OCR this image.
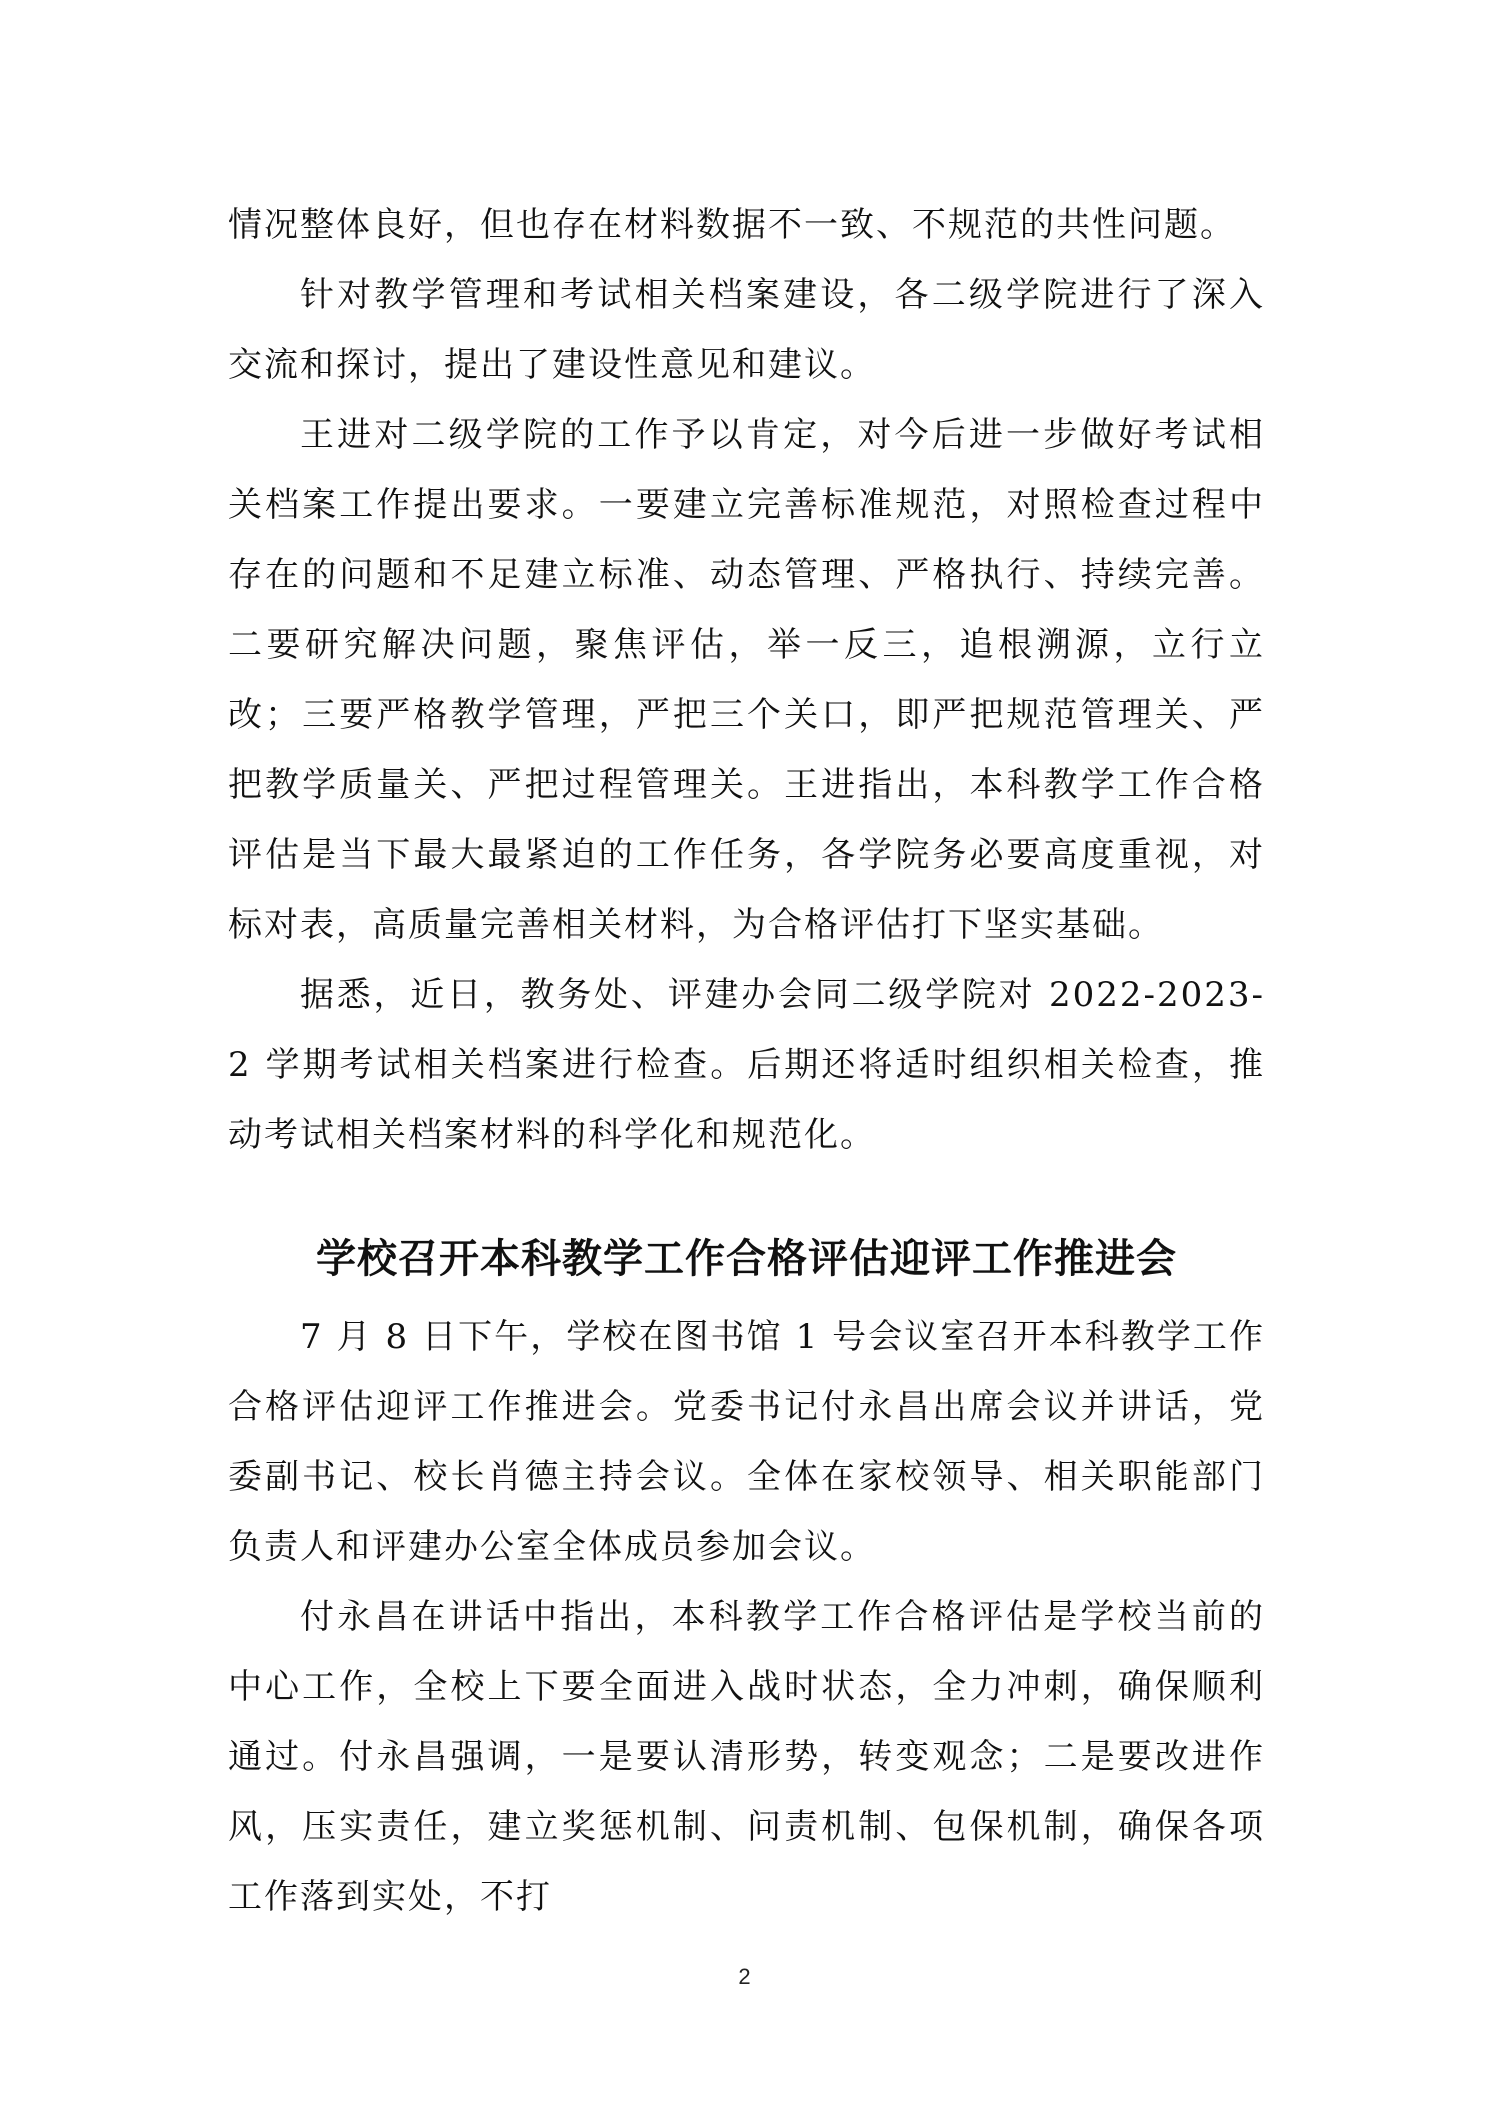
情况整体良好，但也存在材料数据不一致、不规范的共性问题。

针对教学管理和考试相关档案建设，各二级学院进行了深入交流和探讨，提出了建设性意见和建议。

王进对二级学院的工作予以肯定，对今后进一步做好考试相关档案工作提出要求。一要建立完善标准规范，对照检查过程中存在的问题和不足建立标准、动态管理、严格执行、持续完善。二要研究解决问题，聚焦评估，举一反三，追根溯源，立行立改；三要严格教学管理，严把三个关口，即严把规范管理关、严把教学质量关、严把过程管理关。王进指出，本科教学工作合格评估是当下最大最紧迫的工作任务，各学院务必要高度重视，对标对表，高质量完善相关材料，为合格评估打下坚实基础。

据悉，近日，教务处、评建办会同二级学院对 2022-2023-2 学期考试相关档案进行检查。后期还将适时组织相关检查，推动考试相关档案材料的科学化和规范化。

学校召开本科教学工作合格评估迎评工作推进会

7 月 8 日下午，学校在图书馆 1 号会议室召开本科教学工作合格评估迎评工作推进会。党委书记付永昌出席会议并讲话，党委副书记、校长肖德主持会议。全体在家校领导、相关职能部门负责人和评建办公室全体成员参加会议。

付永昌在讲话中指出，本科教学工作合格评估是学校当前的中心工作，全校上下要全面进入战时状态，全力冲刺，确保顺利通过。付永昌强调，一是要认清形势，转变观念；二是要改进作风，压实责任，建立奖惩机制、问责机制、包保机制，确保各项工作落到实处，不打

2
